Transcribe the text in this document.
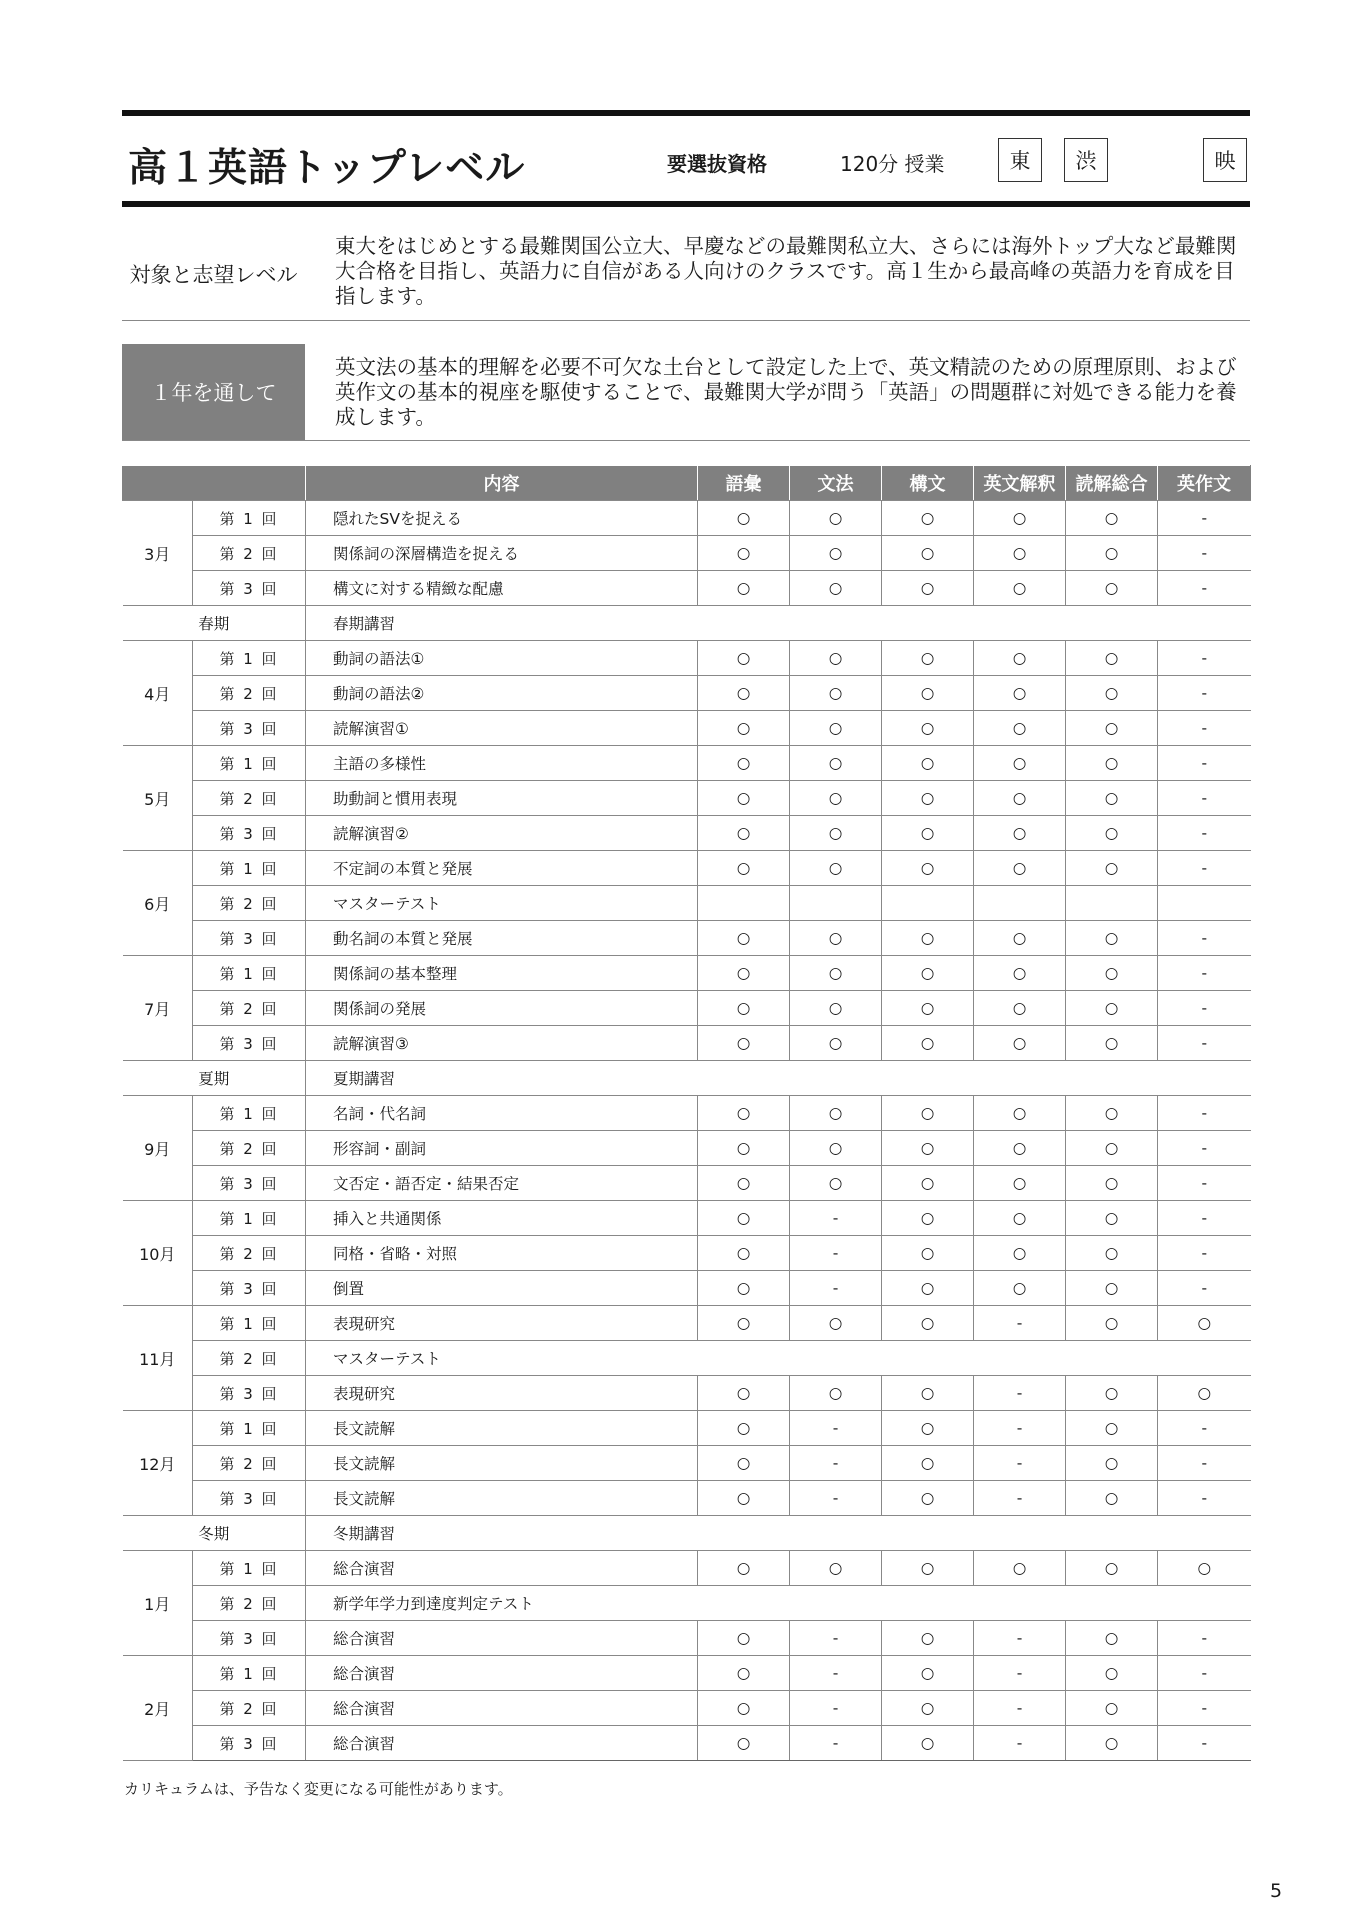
高１英語トップレベル	要選抜資格	120分 授業	東	渋	映
対象と志望レベル
東大をはじめとする最難関国公立大、早慶などの最難関私立大、さらには海外トップ大など最難関大合格を目指し、英語力に自信がある人向けのクラスです。高１生から最高峰の英語力を育成を目指します。
１年を通して
英文法の基本的理解を必要不可欠な土台として設定した上で、英文精読のための原理原則、および英作文の基本的視座を駆使することで、最難関大学が問う「英語」の問題群に対処できる能力を養成します。
		内容	語彙	文法	構文	英文解釈	読解総合	英作文
3月	第 1 回	隠れたSVを捉える	○	○	○	○	○	-
	第 2 回	関係詞の深層構造を捉える	○	○	○	○	○	-
	第 3 回	構文に対する精緻な配慮	○	○	○	○	○	-
春期		春期講習						
4月	第 1 回	動詞の語法①	○	○	○	○	○	-
	第 2 回	動詞の語法②	○	○	○	○	○	-
	第 3 回	読解演習①	○	○	○	○	○	-
5月	第 1 回	主語の多様性	○	○	○	○	○	-
	第 2 回	助動詞と慣用表現	○	○	○	○	○	-
	第 3 回	読解演習②	○	○	○	○	○	-
6月	第 1 回	不定詞の本質と発展	○	○	○	○	○	-
	第 2 回	マスターテスト						
	第 3 回	動名詞の本質と発展	○	○	○	○	○	-
7月	第 1 回	関係詞の基本整理	○	○	○	○	○	-
	第 2 回	関係詞の発展	○	○	○	○	○	-
	第 3 回	読解演習③	○	○	○	○	○	-
夏期		夏期講習						
9月	第 1 回	名詞・代名詞	○	○	○	○	○	-
	第 2 回	形容詞・副詞	○	○	○	○	○	-
	第 3 回	文否定・語否定・結果否定	○	○	○	○	○	-
10月	第 1 回	挿入と共通関係	○	-	○	○	○	-
	第 2 回	同格・省略・対照	○	-	○	○	○	-
	第 3 回	倒置	○	-	○	○	○	-
11月	第 1 回	表現研究	○	○	○	-	○	○
	第 2 回	マスターテスト						
	第 3 回	表現研究	○	○	○	-	○	○
12月	第 1 回	長文読解	○	-	○	-	○	-
	第 2 回	長文読解	○	-	○	-	○	-
	第 3 回	長文読解	○	-	○	-	○	-
冬期		冬期講習						
1月	第 1 回	総合演習	○	○	○	○	○	○
	第 2 回	新学年学力到達度判定テスト						
	第 3 回	総合演習	○	-	○	-	○	-
2月	第 1 回	総合演習	○	-	○	-	○	-
	第 2 回	総合演習	○	-	○	-	○	-
	第 3 回	総合演習	○	-	○	-	○	-
カリキュラムは、予告なく変更になる可能性があります。
5
